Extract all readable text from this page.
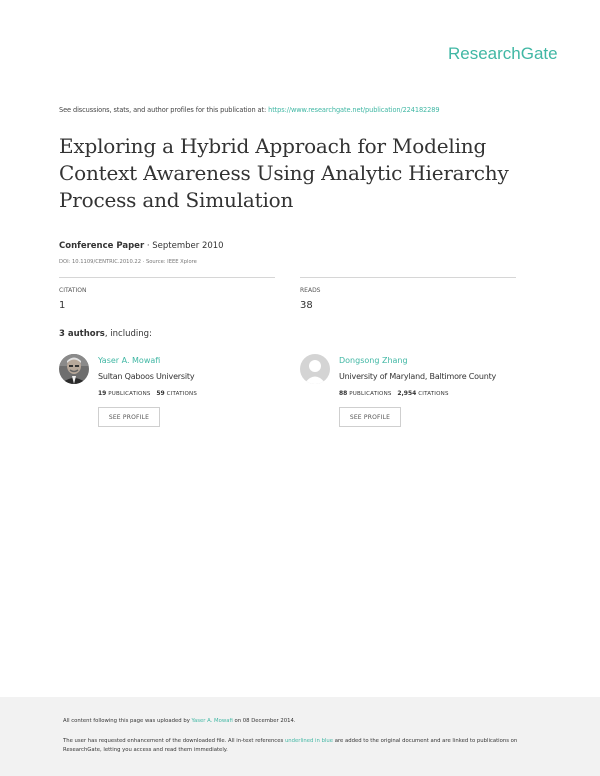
ResearchGate
See discussions, stats, and author profiles for this publication at: https://www.researchgate.net/publication/224182289
Exploring a Hybrid Approach for Modeling Context Awareness Using Analytic Hierarchy Process and Simulation
Conference Paper · September 2010
DOI: 10.1109/CENTRIC.2010.22 · Source: IEEE Xplore
CITATION
1
READS
38
3 authors, including:
Yaser A. Mowafi
Sultan Qaboos University
19 PUBLICATIONS 59 CITATIONS
SEE PROFILE
Dongsong Zhang
University of Maryland, Baltimore County
88 PUBLICATIONS 2,954 CITATIONS
SEE PROFILE
All content following this page was uploaded by Yaser A. Mowafi on 08 December 2014.
The user has requested enhancement of the downloaded file. All in-text references underlined in blue are added to the original document and are linked to publications on ResearchGate, letting you access and read them immediately.
